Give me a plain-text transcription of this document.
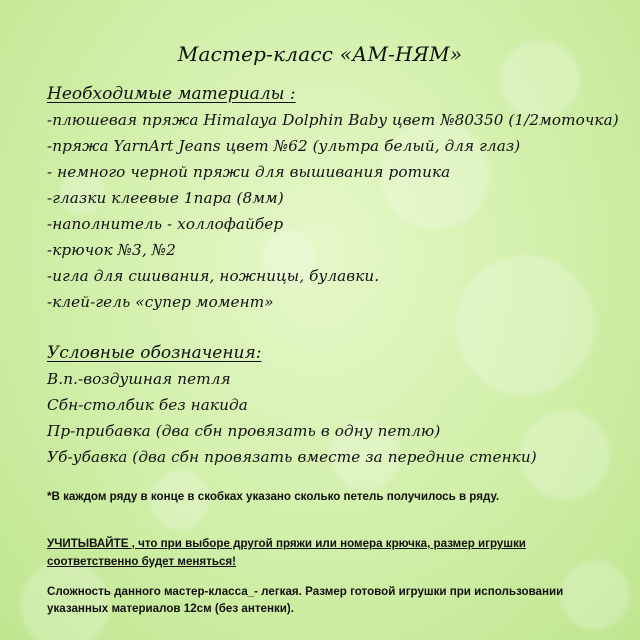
Мастер-класс «АМ-НЯМ»
Необходимые материалы :
-плюшевая пряжа Himalaya Dolphin Baby цвет №80350 (1/2моточка)
-пряжа YarnArt Jeans цвет №62 (ультра белый, для глаз)
- немного черной пряжи для вышивания ротика
-глазки клеевые 1пара (8мм)
-наполнитель - холлофайбер
-крючок №3, №2
-игла для сшивания, ножницы, булавки.
-клей-гель «супер момент»
Условные обозначения:
В.п.-воздушная петля
Сбн-столбик без накида
Пр-прибавка (два сбн провязать в одну петлю)
Уб-убавка (два сбн провязать вместе за передние стенки)
*В каждом ряду в конце в скобках указано сколько петель получилось в ряду.
УЧИТЫВАЙТЕ , что при выборе другой пряжи или номера крючка, размер игрушки
соответственно будет меняться!
Сложность данного мастер-класса_- легкая. Размер готовой игрушки при использовании
указанных материалов 12см (без антенки).
